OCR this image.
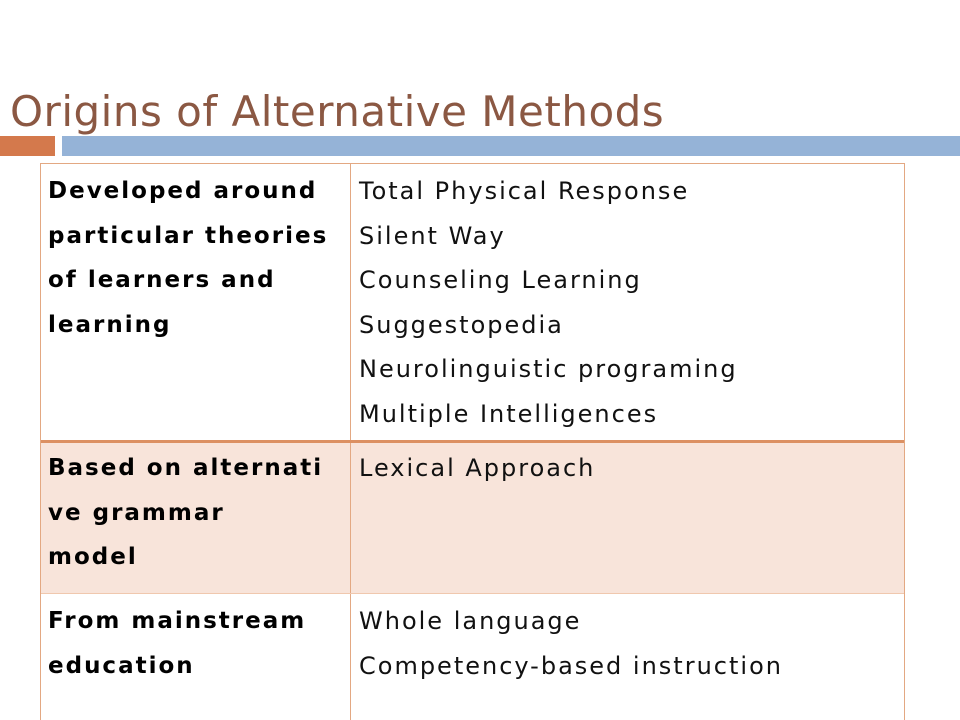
Origins of Alternative Methods
Developed around
particular theories
of learners and
learning
Total Physical Response
Silent Way
Counseling Learning
Suggestopedia
Neurolinguistic programing
Multiple Intelligences
Based on alternati
ve grammar
model
Lexical Approach
From mainstream
education
Whole language
Competency-based instruction
